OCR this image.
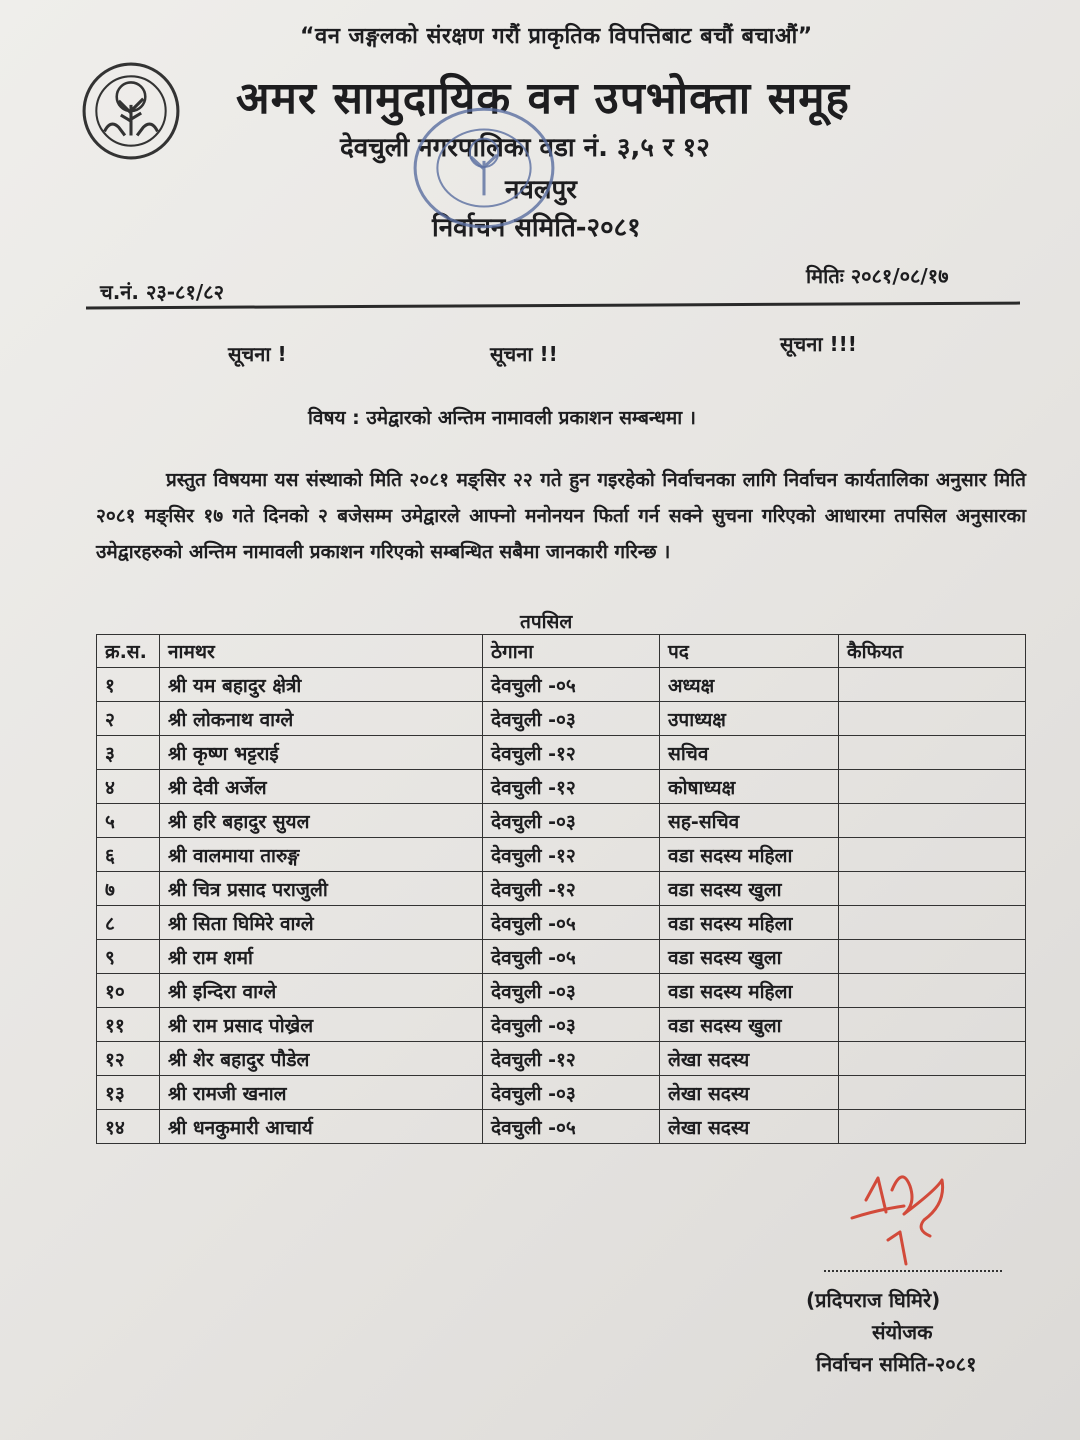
“वन जङ्गलको संरक्षण गरौं प्राकृतिक विपत्तिबाट बचौं बचाऔं”
अमर सामुदायिक वन उपभोक्ता समूह
देवचुली नगरपालिका वडा नं. ३,५ र १२
नवलपुर
निर्वाचन समिति-२०८१
च.नं. २३-८१/८२
मितिः २०८१/०८/१७
सूचना !	सूचना !!	सूचना !!!
विषय : उमेद्वारको अन्तिम नामावली प्रकाशन सम्बन्धमा ।
प्रस्तुत विषयमा यस संस्थाको मिति २०८१ मङ्सिर २२ गते हुन गइरहेको निर्वाचनका लागि निर्वाचन कार्यतालिका अनुसार मिति २०८१ मङ्सिर १७ गते दिनको २ बजेसम्म उमेद्वारले आफ्नो मनोनयन फिर्ता गर्न सक्ने सुचना गरिएको आधारमा तपसिल अनुसारका उमेद्वारहरुको अन्तिम नामावली प्रकाशन गरिएको सम्बन्धित सबैमा जानकारी गरिन्छ ।
तपसिल
क्र.स.	नामथर	ठेगाना	पद	कैफियत
१	श्री यम बहादुर क्षेत्री	देवचुली -०५	अध्यक्ष	
२	श्री लोकनाथ वाग्ले	देवचुली -०३	उपाध्यक्ष	
३	श्री कृष्ण भट्टराई	देवचुली -१२	सचिव	
४	श्री देवी अर्जेल	देवचुली -१२	कोषाध्यक्ष	
५	श्री हरि बहादुर सुयल	देवचुली -०३	सह-सचिव	
६	श्री वालमाया तारुङ्ग	देवचुली -१२	वडा सदस्य महिला	
७	श्री चित्र प्रसाद पराजुली	देवचुली -१२	वडा सदस्य खुला	
८	श्री सिता घिमिरे वाग्ले	देवचुली -०५	वडा सदस्य महिला	
९	श्री राम शर्मा	देवचुली -०५	वडा सदस्य खुला	
१०	श्री इन्दिरा वाग्ले	देवचुली -०३	वडा सदस्य महिला	
११	श्री राम प्रसाद पोख्रेल	देवचुली -०३	वडा सदस्य खुला	
१२	श्री शेर बहादुर पौडेल	देवचुली -१२	लेखा सदस्य	
१३	श्री रामजी खनाल	देवचुली -०३	लेखा सदस्य	
१४	श्री धनकुमारी आचार्य	देवचुली -०५	लेखा सदस्य	
(प्रदिपराज घिमिरे)
संयोजक
निर्वाचन समिति-२०८१
